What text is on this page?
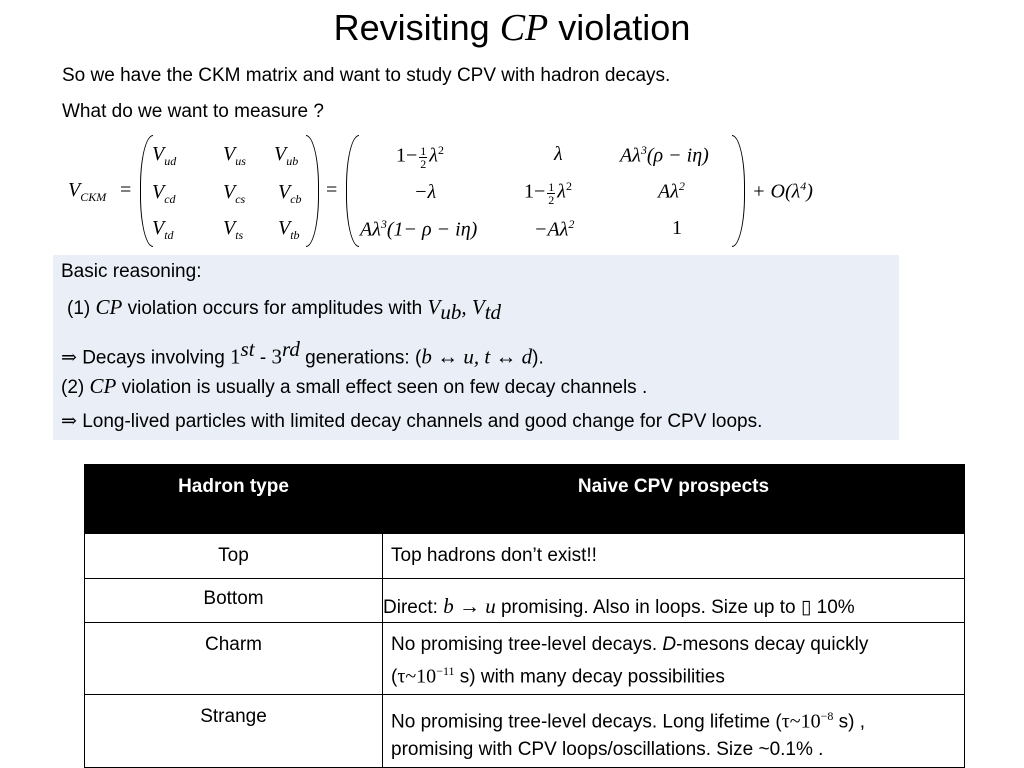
Revisiting CP violation
So we have the CKM matrix and want to study CPV with hadron decays.
What do we want to measure ?
$V_{CKM}$ =
$V_{ud}$ $V_{us}$ $V_{ub}$
$V_{cd}$ $V_{cs}$ $V_{cb}$
$V_{td}$ $V_{ts}$ $V_{tb}$
=
$1- \frac{1}{2} \lambda^2$	λ	$A\lambda^3(\rho - i\eta)$
−λ	$1- \frac{1}{2} \lambda^2$	$A\lambda^2$
$A\lambda^3(1- \rho - i\eta)$	$-A\lambda^2$	1
+ $O(\lambda^4)$
Basic reasoning:
(1) CP violation occurs for amplitudes with $V_{ub}$, $V_{td}$
⇒ Decays involving 1st - 3rd generations: (b ↔ u, t ↔ d).
(2) CP violation is usually a small effect seen on few decay channels .
⇒ Long-lived particles with limited decay channels and good change for CPV loops.
Hadron type	Naive CPV prospects
Top	Top hadrons don’t exist!!
Bottom	Direct: b → u promising. Also in loops. Size up to ▯ 10%
Charm	No promising tree-level decays. D-mesons decay quickly
($\tau\sim 10^{-11}$ s) with many decay possibilities
Strange	No promising tree-level decays. Long lifetime ($\tau\sim 10^{-8}$ s) ,
promising with CPV loops/oscillations. Size ~0.1% .
